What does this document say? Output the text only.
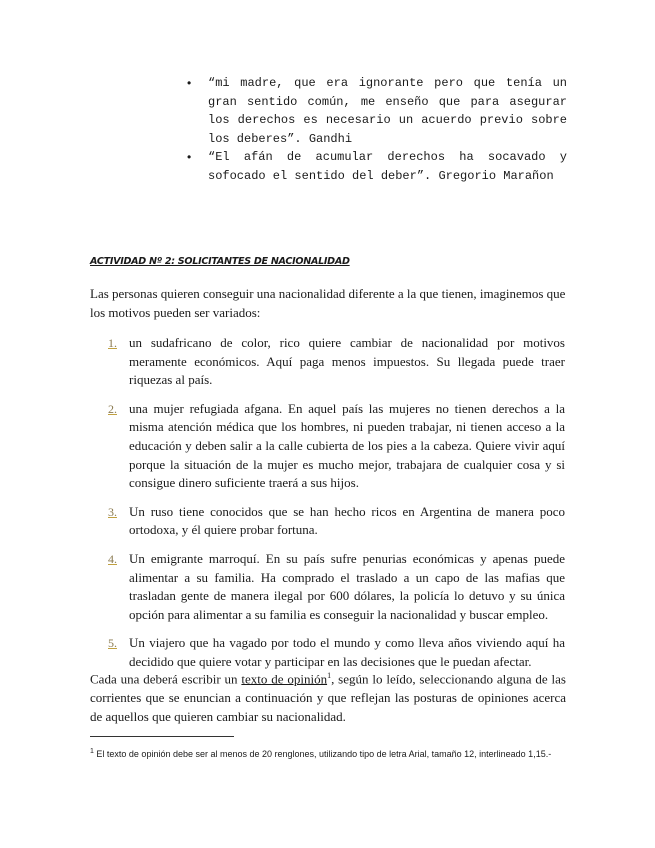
• “mi madre, que era ignorante pero que tenía un gran sentido común, me enseño que para asegurar los derechos es necesario un acuerdo previo sobre los deberes”. Gandhi
• “El afán de acumular derechos ha socavado y sofocado el sentido del deber”. Gregorio Marañon
ACTIVIDAD Nº 2: SOLICITANTES DE NACIONALIDAD
Las personas quieren conseguir una nacionalidad diferente a la que tienen, imaginemos que los motivos pueden ser variados:
1. un sudafricano de color, rico quiere cambiar de nacionalidad por motivos meramente económicos. Aquí paga menos impuestos. Su llegada puede traer riquezas al país.
2. una mujer refugiada afgana. En aquel país las mujeres no tienen derechos a la misma atención médica que los hombres, ni pueden trabajar, ni tienen acceso a la educación y deben salir a la calle cubierta de los pies a la cabeza. Quiere vivir aquí porque la situación de la mujer es mucho mejor, trabajara de cualquier cosa y si consigue dinero suficiente traerá a sus hijos.
3. Un ruso tiene conocidos que se han hecho ricos en Argentina de manera poco ortodoxa, y él quiere probar fortuna.
4. Un emigrante marroquí. En su país sufre penurias económicas y apenas puede alimentar a su familia. Ha comprado el traslado a un capo de las mafias que trasladan gente de manera ilegal por 600 dólares, la policía lo detuvo y su única opción para alimentar a su familia es conseguir la nacionalidad y buscar empleo.
5. Un viajero que ha vagado por todo el mundo y como lleva años viviendo aquí ha decidido que quiere votar y participar en las decisiones que le puedan afectar.
Cada una deberá escribir un texto de opinión$^1$, según lo leído, seleccionando alguna de las corrientes que se enuncian a continuación y que reflejan las posturas de opiniones acerca de aquellos que quieren cambiar su nacionalidad.
$^1$ El texto de opinión debe ser al menos de 20 renglones, utilizando tipo de letra Arial, tamaño 12, interlineado 1,15.-
